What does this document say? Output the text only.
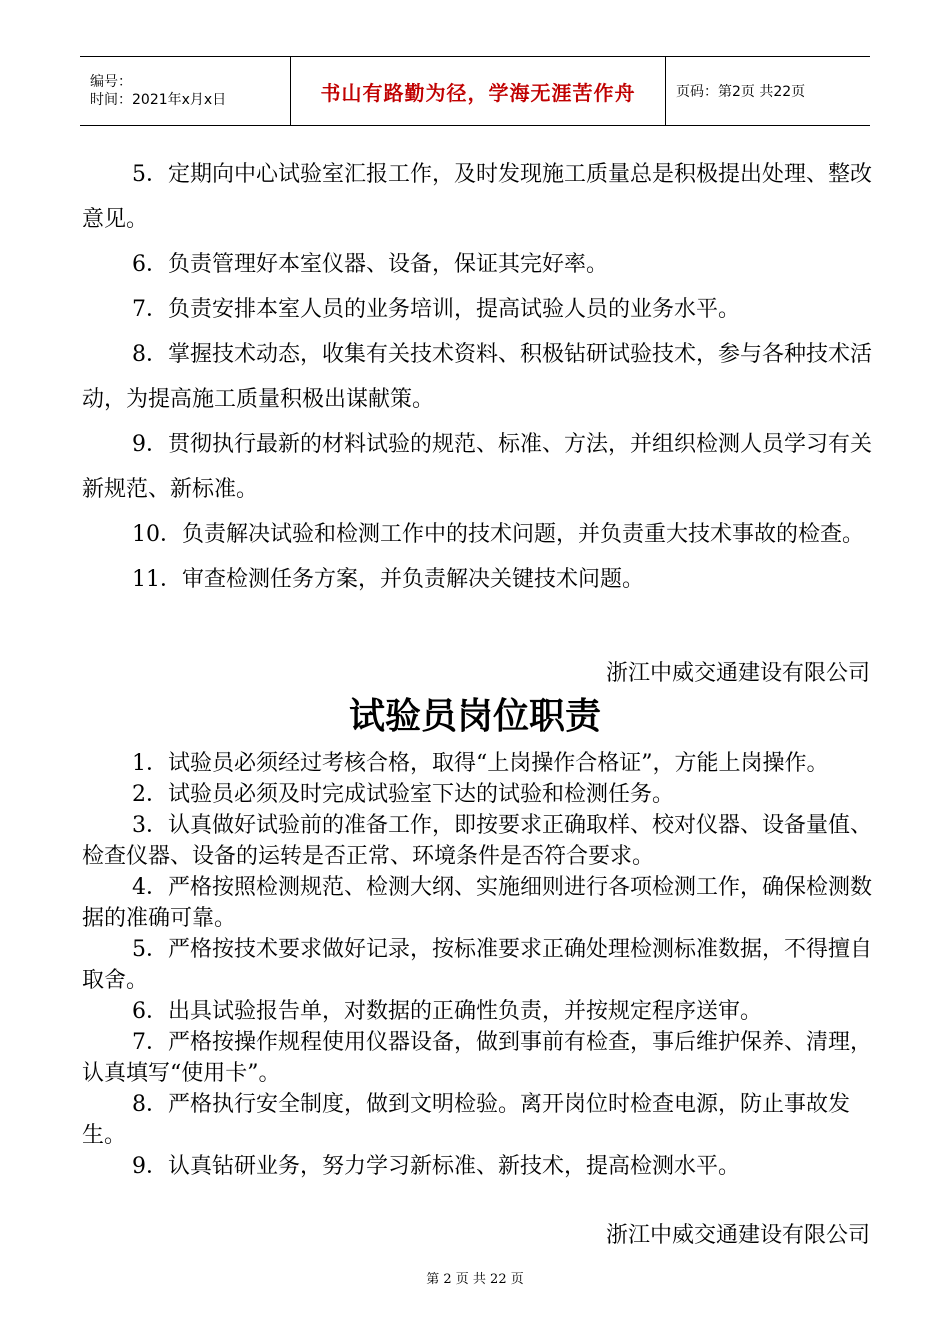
编号：
时间：2021年x月x日	书山有路勤为径，学海无涯苦作舟	页码：第2页 共22页

5．定期向中心试验室汇报工作，及时发现施工质量总是积极提出处理、整改意见。

6．负责管理好本室仪器、设备，保证其完好率。

7．负责安排本室人员的业务培训，提高试验人员的业务水平。

8．掌握技术动态，收集有关技术资料、积极钻研试验技术，参与各种技术活动，为提高施工质量积极出谋献策。

9．贯彻执行最新的材料试验的规范、标准、方法，并组织检测人员学习有关新规范、新标准。

10．负责解决试验和检测工作中的技术问题，并负责重大技术事故的检查。

11．审查检测任务方案，并负责解决关键技术问题。

浙江中威交通建设有限公司
试验员岗位职责

1．试验员必须经过考核合格，取得“上岗操作合格证”，方能上岗操作。

2．试验员必须及时完成试验室下达的试验和检测任务。

3．认真做好试验前的准备工作，即按要求正确取样、校对仪器、设备量值、检查仪器、设备的运转是否正常、环境条件是否符合要求。

4．严格按照检测规范、检测大纲、实施细则进行各项检测工作，确保检测数据的准确可靠。

5．严格按技术要求做好记录，按标准要求正确处理检测标准数据，不得擅自取舍。

6．出具试验报告单，对数据的正确性负责，并按规定程序送审。

7．严格按操作规程使用仪器设备，做到事前有检查，事后维护保养、清理，认真填写“使用卡”。

8．严格执行安全制度，做到文明检验。离开岗位时检查电源，防止事故发生。

9．认真钻研业务，努力学习新标准、新技术，提高检测水平。

浙江中威交通建设有限公司
第 2 页 共 22 页
